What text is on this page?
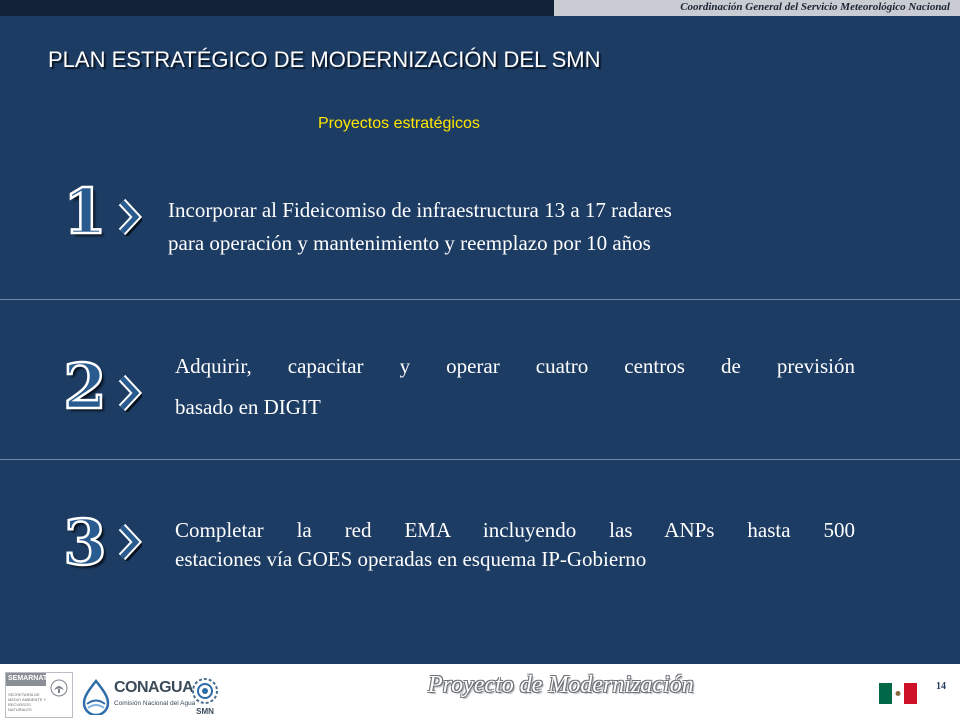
Coordinación General del Servicio Meteorológico Nacional
PLAN ESTRATÉGICO DE MODERNIZACIÓN DEL SMN
Proyectos estratégicos
1	Incorporar al Fideicomiso de infraestructura 13 a 17 radares
para operación y mantenimiento y reemplazo por 10 años
2	Adquirir, capacitar y operar cuatro centros de previsión
basado en DIGIT
3	Completar la red EMA incluyendo las ANPs hasta 500
estaciones vía GOES operadas en esquema IP-Gobierno
SEMARNAT
SECRETARÍA DE MEDIO AMBIENTE Y RECURSOS NATURALES
CONAGUA
Comisión Nacional del Agua
SMN
Proyecto de Modernización	14
